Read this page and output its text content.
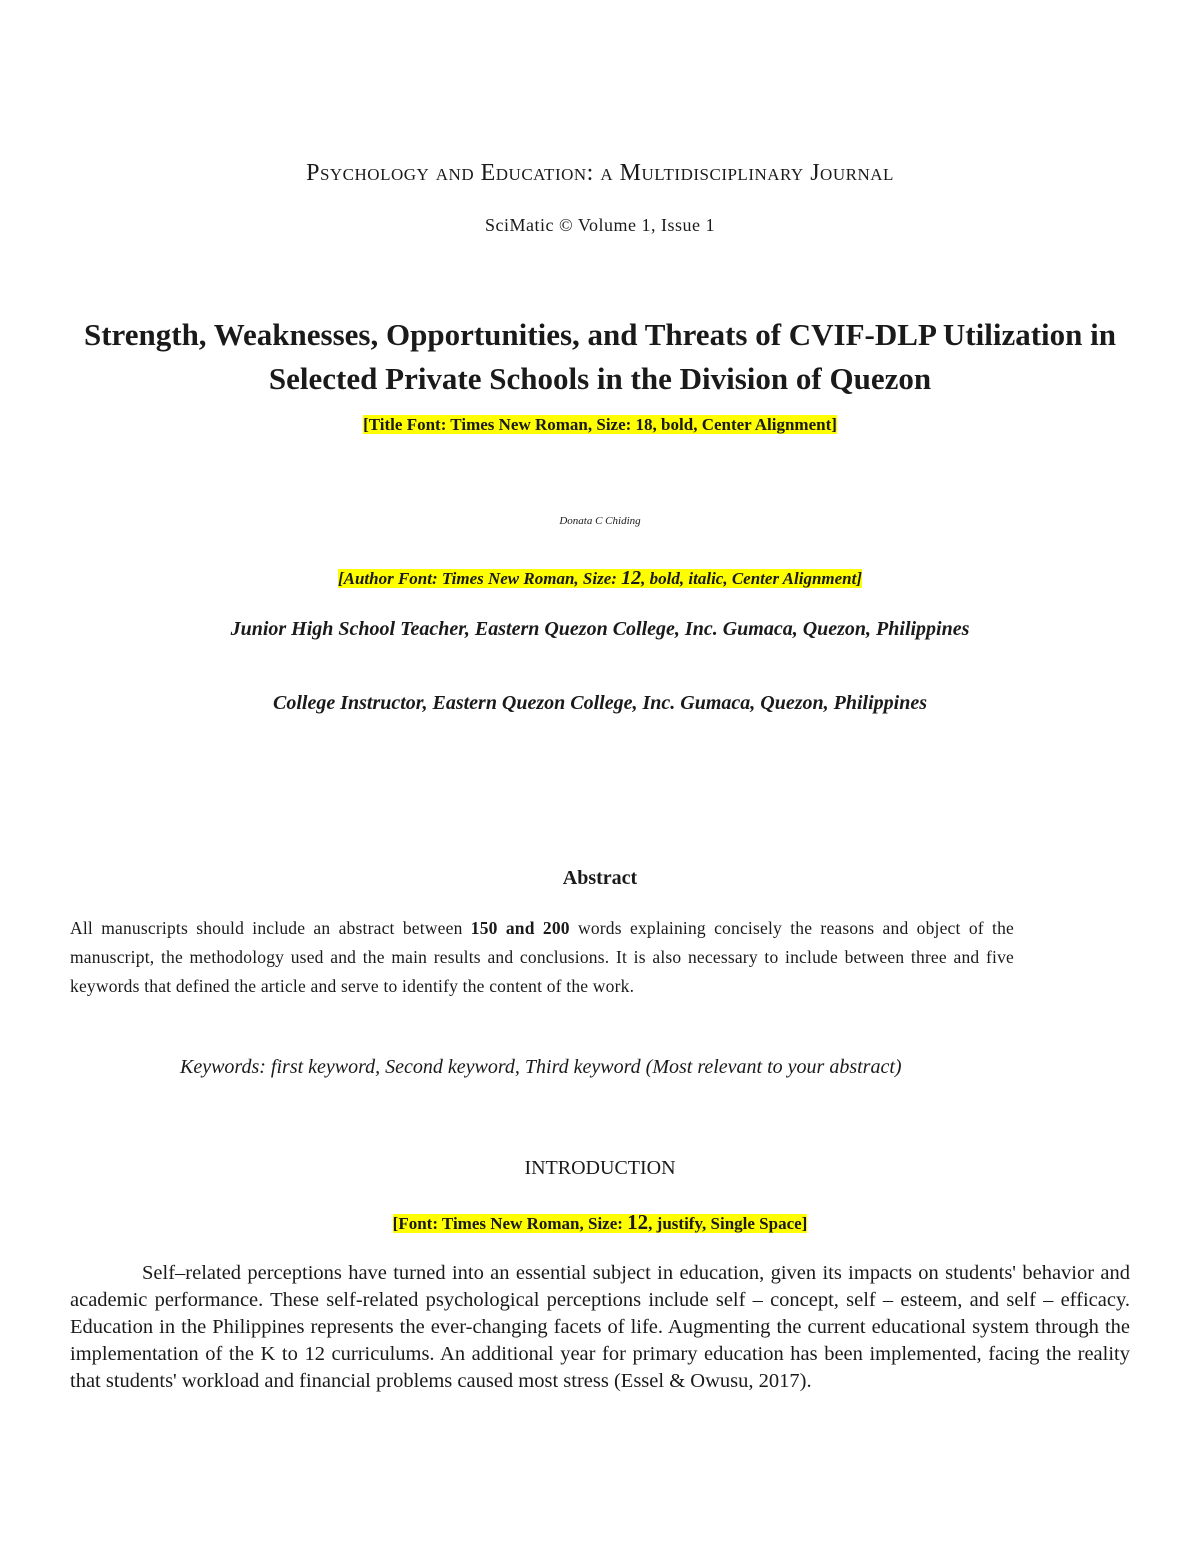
Psychology and Education: a Multidisciplinary Journal
SciMatic © Volume 1, Issue 1
Strength, Weaknesses, Opportunities, and Threats of CVIF-DLP Utilization in Selected Private Schools in the Division of Quezon
[Title Font: Times New Roman, Size: 18, bold, Center Alignment]
Donata C Chiding
[Author Font: Times New Roman, Size: 12, bold, italic, Center Alignment]
Junior High School Teacher, Eastern Quezon College, Inc. Gumaca, Quezon, Philippines
College Instructor, Eastern Quezon College, Inc. Gumaca, Quezon, Philippines
Abstract
All manuscripts should include an abstract between 150 and 200 words explaining concisely the reasons and object of the manuscript, the methodology used and the main results and conclusions. It is also necessary to include between three and five keywords that defined the article and serve to identify the content of the work.
Keywords: first keyword, Second keyword, Third keyword (Most relevant to your abstract)
INTRODUCTION
[Font: Times New Roman, Size: 12, justify, Single Space]
Self–related perceptions have turned into an essential subject in education, given its impacts on students' behavior and academic performance. These self-related psychological perceptions include self – concept, self – esteem, and self – efficacy. Education in the Philippines represents the ever-changing facets of life. Augmenting the current educational system through the implementation of the K to 12 curriculums. An additional year for primary education has been implemented, facing the reality that students' workload and financial problems caused most stress (Essel & Owusu, 2017).
